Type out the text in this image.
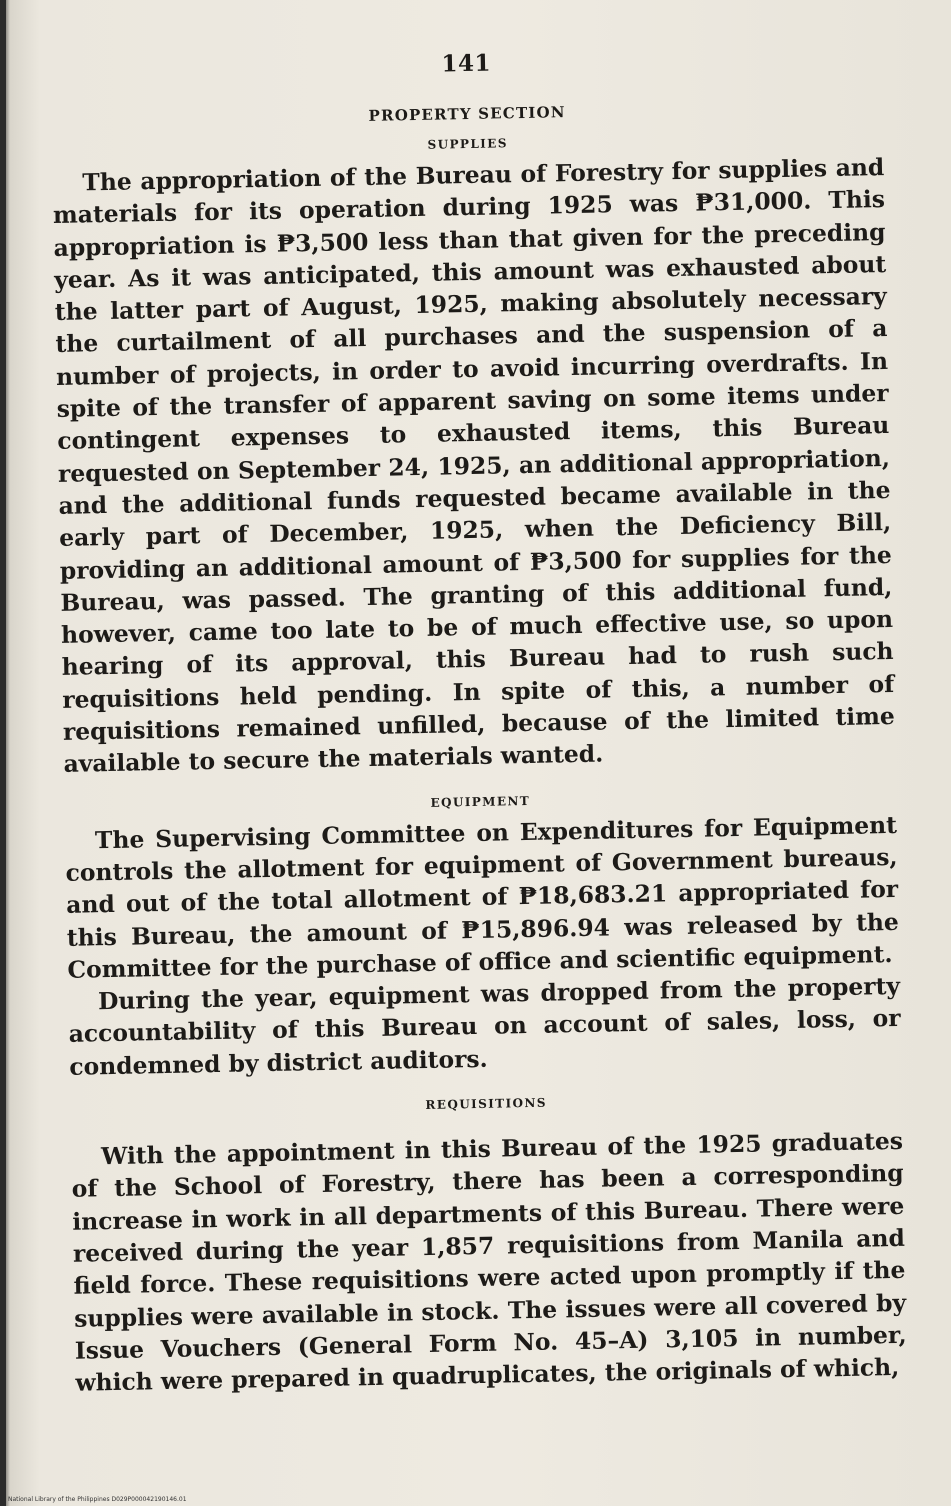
141
PROPERTY SECTION
SUPPLIES

The appropriation of the Bureau of Forestry for supplies and materials for its operation during 1925 was ₱31,000. This appropriation is ₱3,500 less than that given for the preceding year. As it was anticipated, this amount was exhausted about the latter part of August, 1925, making absolutely necessary the curtailment of all purchases and the suspension of a number of projects, in order to avoid incurring overdrafts. In spite of the transfer of apparent saving on some items under contingent expenses to exhausted items, this Bureau requested on September 24, 1925, an additional appropriation, and the additional funds requested became available in the early part of December, 1925, when the Deficiency Bill, providing an additional amount of ₱3,500 for supplies for the Bureau, was passed. The granting of this additional fund, however, came too late to be of much effective use, so upon hearing of its approval, this Bureau had to rush such requisitions held pending. In spite of this, a number of requisitions remained unfilled, because of the limited time available to secure the materials wanted.

EQUIPMENT

The Supervising Committee on Expenditures for Equipment controls the allotment for equipment of Government bureaus, and out of the total allotment of ₱18,683.21 appropriated for this Bureau, the amount of ₱15,896.94 was released by the Committee for the purchase of office and scientific equipment.

During the year, equipment was dropped from the property accountability of this Bureau on account of sales, loss, or condemned by district auditors.

REQUISITIONS

With the appointment in this Bureau of the 1925 graduates of the School of Forestry, there has been a corresponding increase in work in all departments of this Bureau. There were received during the year 1,857 requisitions from Manila and field force. These requisitions were acted upon promptly if the supplies were available in stock. The issues were all covered by Issue Vouchers (General Form No. 45–A) 3,105 in number, which were prepared in quadruplicates, the originals of which,

National Library of the Philippines D029P000042190146.01
